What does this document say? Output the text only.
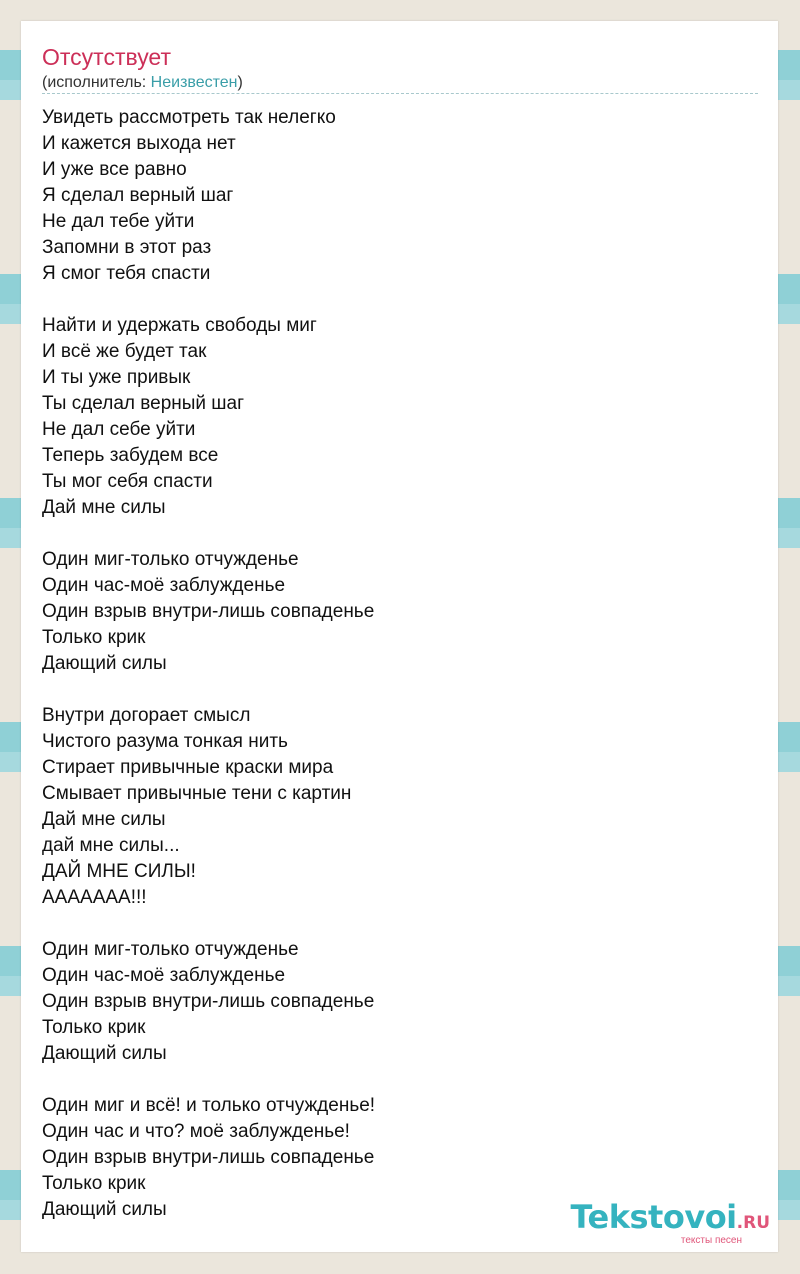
Отсутствует
(исполнитель: Неизвестен)
Увидеть рассмотреть так нелегко
И кажется выхода нет
И уже все равно
Я сделал верный шаг
Не дал тебе уйти
Запомни в этот раз
Я смог тебя спасти
Найти и удержать свободы миг
И всё же будет так
И ты уже привык
Ты сделал верный шаг
Не дал себе уйти
Теперь забудем все
Ты мог себя спасти
Дай мне силы
Один миг-только отчужденье
Один час-моё заблужденье
Один взрыв внутри-лишь совпаденье
Только крик
Дающий силы
Внутри догорает смысл
Чистого разума тонкая нить
Стирает привычные краски мира
Смывает привычные тени с картин
Дай мне силы
дай мне силы...
ДАЙ МНЕ СИЛЫ!
ААААААА!!!
Один миг-только отчужденье
Один час-моё заблужденье
Один взрыв внутри-лишь совпаденье
Только крик
Дающий силы
Один миг и всё! и только отчужденье!
Один час и что? моё заблужденье!
Один взрыв внутри-лишь совпаденье
Только крик
Дающий силы	Tekstovoi.RU
тексты песен
